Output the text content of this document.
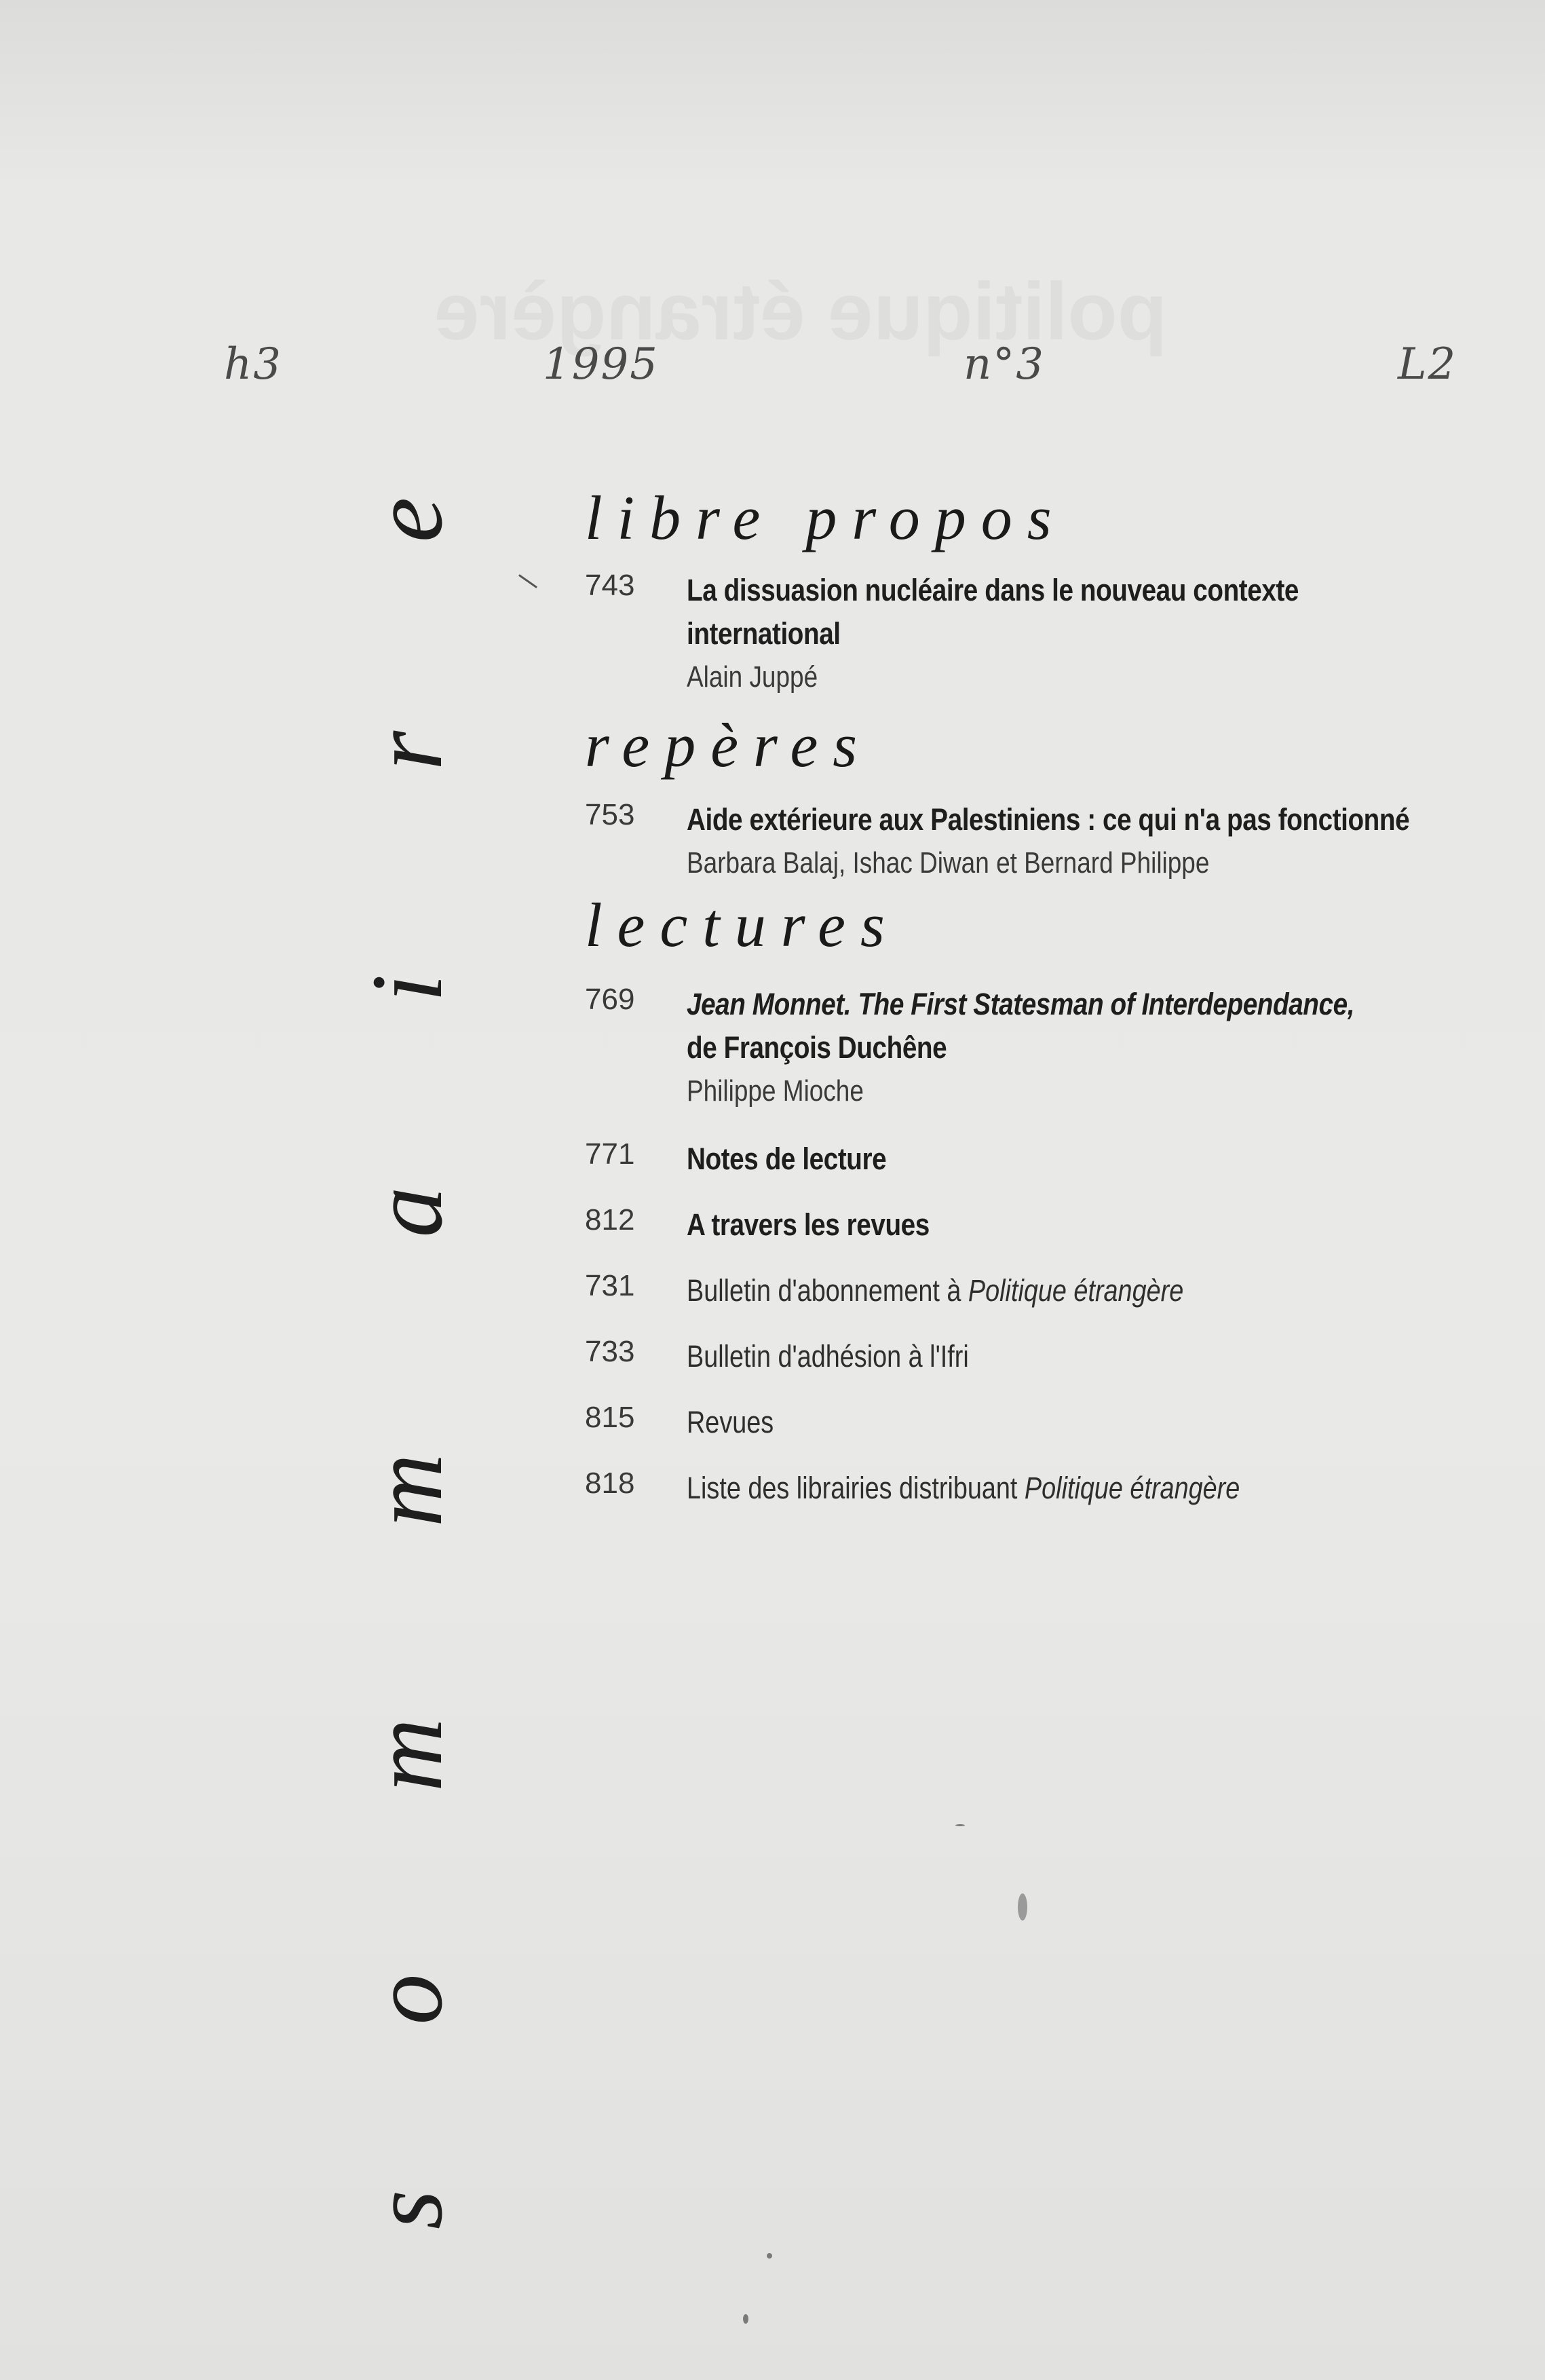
h3	1995	n°3	L2
e
r
i
a
m
m
o
s
libre propos
743 La dissuasion nucléaire dans le nouveau contexte
international
Alain Juppé
repères
753 Aide extérieure aux Palestiniens : ce qui n'a pas fonctionné
Barbara Balaj, Ishac Diwan et Bernard Philippe
lectures
769 Jean Monnet. The First Statesman of Interdependance,
de François Duchêne
Philippe Mioche
771 Notes de lecture
812 A travers les revues
731 Bulletin d'abonnement à Politique étrangère
733 Bulletin d'adhésion à l'Ifri
815 Revues
818 Liste des librairies distribuant Politique étrangère
